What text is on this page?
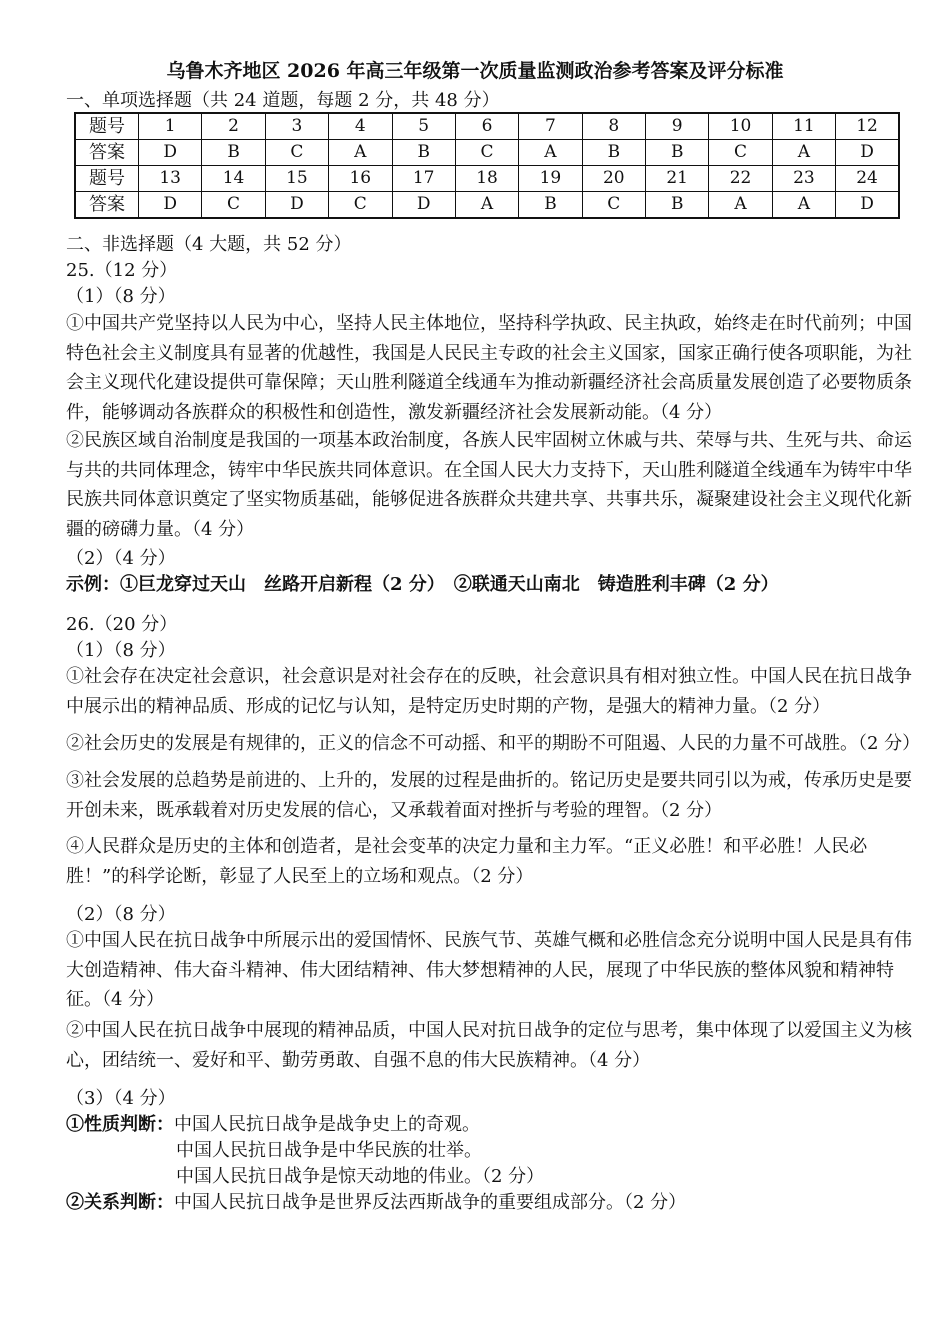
乌鲁木齐地区 2026 年高三年级第一次质量监测政治参考答案及评分标准
一、单项选择题（共 24 道题，每题 2 分，共 48 分）
题号	1	2	3	4	5	6	7	8	9	10	11	12
答案	D	B	C	A	B	C	A	B	B	C	A	D
题号	13	14	15	16	17	18	19	20	21	22	23	24
答案	D	C	D	C	D	A	B	C	B	A	A	D
二、非选择题（4 大题，共 52 分）
25.（12 分）
（1）（8 分）
①中国共产党坚持以人民为中心，坚持人民主体地位，坚持科学执政、民主执政，始终走在时代前列；中国特色社会主义制度具有显著的优越性，我国是人民民主专政的社会主义国家，国家正确行使各项职能，为社会主义现代化建设提供可靠保障；天山胜利隧道全线通车为推动新疆经济社会高质量发展创造了必要物质条件，能够调动各族群众的积极性和创造性，激发新疆经济社会发展新动能。（4 分）
②民族区域自治制度是我国的一项基本政治制度，各族人民牢固树立休戚与共、荣辱与共、生死与共、命运与共的共同体理念，铸牢中华民族共同体意识。在全国人民大力支持下，天山胜利隧道全线通车为铸牢中华民族共同体意识奠定了坚实物质基础，能够促进各族群众共建共享、共事共乐，凝聚建设社会主义现代化新疆的磅礴力量。（4 分）
（2）（4 分）
示例：①巨龙穿过天山　丝路开启新程（2 分）　②联通天山南北　铸造胜利丰碑（2 分）
26.（20 分）
（1）（8 分）
①社会存在决定社会意识，社会意识是对社会存在的反映，社会意识具有相对独立性。中国人民在抗日战争中展示出的精神品质、形成的记忆与认知，是特定历史时期的产物，是强大的精神力量。（2 分）
②社会历史的发展是有规律的，正义的信念不可动摇、和平的期盼不可阻遏、人民的力量不可战胜。（2 分）
③社会发展的总趋势是前进的、上升的，发展的过程是曲折的。铭记历史是要共同引以为戒，传承历史是要开创未来，既承载着对历史发展的信心，又承载着面对挫折与考验的理智。（2 分）
④人民群众是历史的主体和创造者，是社会变革的决定力量和主力军。“正义必胜！和平必胜！人民必胜！”的科学论断，彰显了人民至上的立场和观点。（2 分）
（2）（8 分）
①中国人民在抗日战争中所展示出的爱国情怀、民族气节、英雄气概和必胜信念充分说明中国人民是具有伟大创造精神、伟大奋斗精神、伟大团结精神、伟大梦想精神的人民，展现了中华民族的整体风貌和精神特征。（4 分）
②中国人民在抗日战争中展现的精神品质，中国人民对抗日战争的定位与思考，集中体现了以爱国主义为核心，团结统一、爱好和平、勤劳勇敢、自强不息的伟大民族精神。（4 分）
（3）（4 分）
①性质判断：中国人民抗日战争是战争史上的奇观。
中国人民抗日战争是中华民族的壮举。
中国人民抗日战争是惊天动地的伟业。（2 分）
②关系判断：中国人民抗日战争是世界反法西斯战争的重要组成部分。（2 分）
